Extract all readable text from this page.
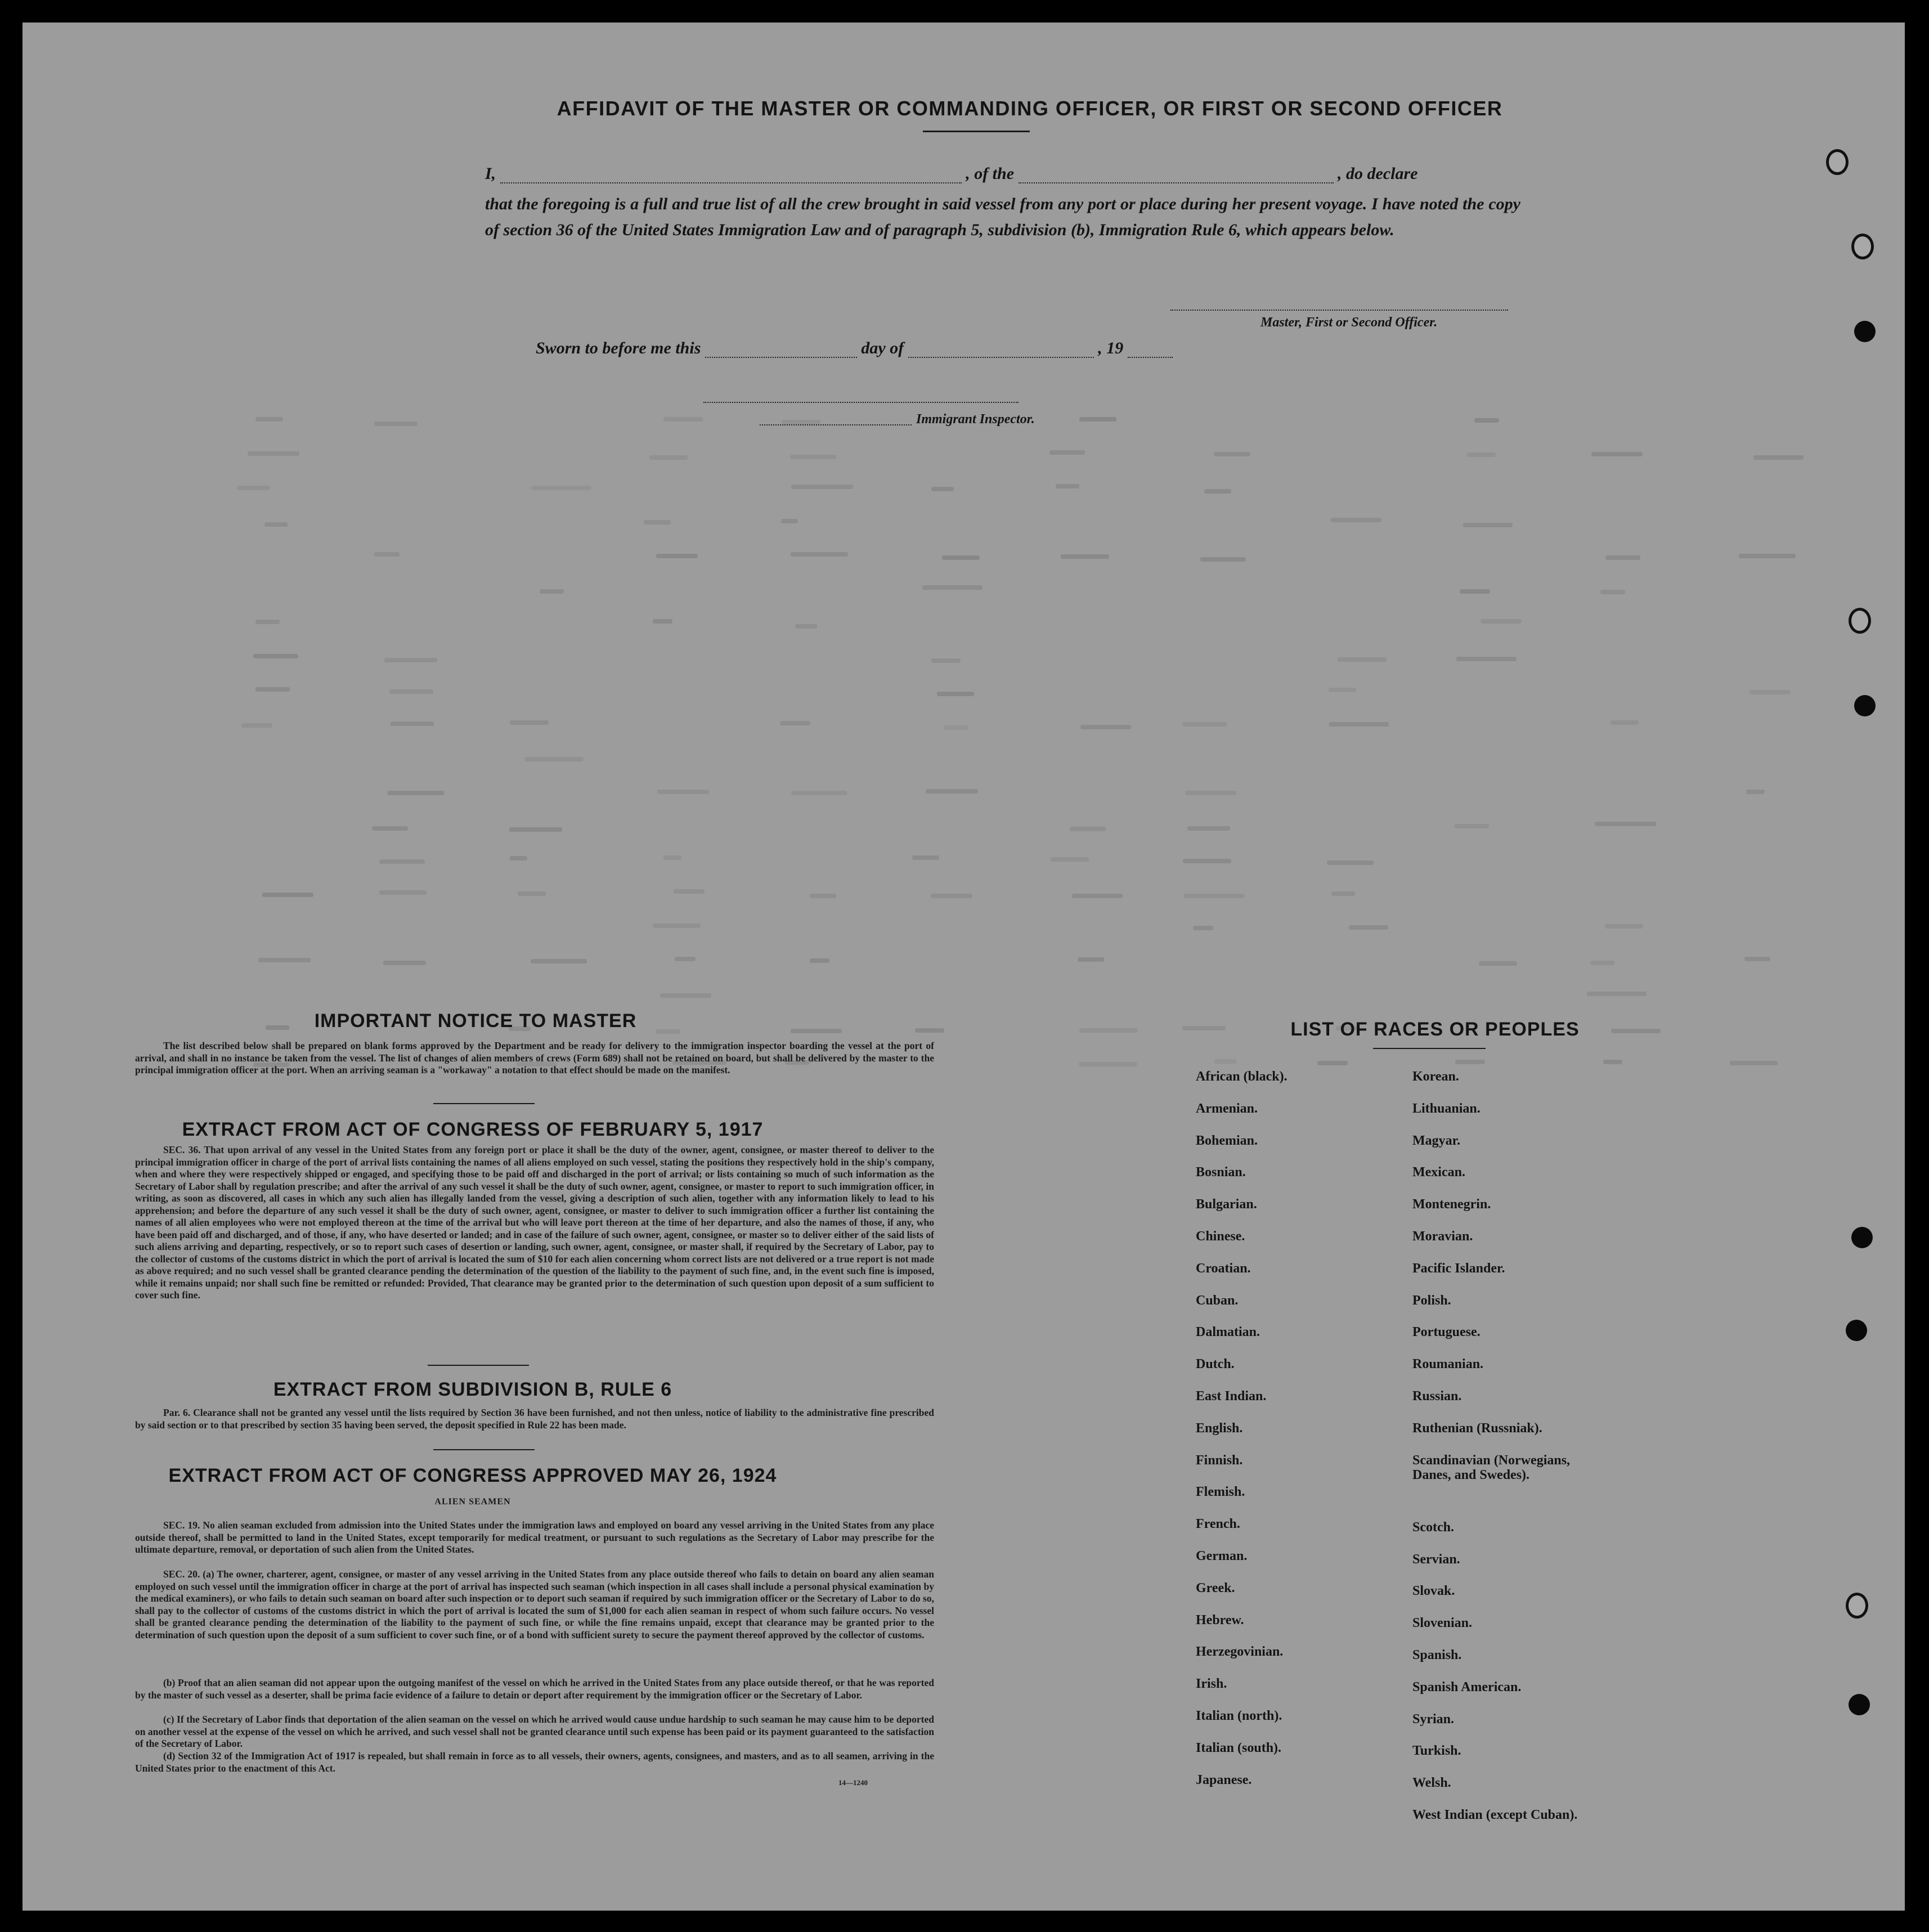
AFFIDAVIT OF THE MASTER OR COMMANDING OFFICER, OR FIRST OR SECOND OFFICER
I,	, of the	, do declare
that the foregoing is a full and true list of all the crew brought in said vessel from any port or place during her present voyage. I have noted the copy of section 36 of the United States Immigration Law and of paragraph 5, subdivision (b), Immigration Rule 6, which appears below.
Master, First or Second Officer.
Sworn to before me this	day of	, 19
Immigrant Inspector.
IMPORTANT NOTICE TO MASTER
The list described below shall be prepared on blank forms approved by the Department and be ready for delivery to the immigration inspector boarding the vessel at the port of arrival, and shall in no instance be taken from the vessel. The list of changes of alien members of crews (Form 689) shall not be retained on board, but shall be delivered by the master to the principal immigration officer at the port. When an arriving seaman is a "workaway" a notation to that effect should be made on the manifest.
EXTRACT FROM ACT OF CONGRESS OF FEBRUARY 5, 1917
SEC. 36. That upon arrival of any vessel in the United States from any foreign port or place it shall be the duty of the owner, agent, consignee, or master thereof to deliver to the principal immigration officer in charge of the port of arrival lists containing the names of all aliens employed on such vessel, stating the positions they respectively hold in the ship's company, when and where they were respectively shipped or engaged, and specifying those to be paid off and discharged in the port of arrival; or lists containing so much of such information as the Secretary of Labor shall by regulation prescribe; and after the arrival of any such vessel it shall be the duty of such owner, agent, consignee, or master to report to such immigration officer, in writing, as soon as discovered, all cases in which any such alien has illegally landed from the vessel, giving a description of such alien, together with any information likely to lead to his apprehension; and before the departure of any such vessel it shall be the duty of such owner, agent, consignee, or master to deliver to such immigration officer a further list containing the names of all alien employees who were not employed thereon at the time of the arrival but who will leave port thereon at the time of her departure, and also the names of those, if any, who have been paid off and discharged, and of those, if any, who have deserted or landed; and in case of the failure of such owner, agent, consignee, or master so to deliver either of the said lists of such aliens arriving and departing, respectively, or so to report such cases of desertion or landing, such owner, agent, consignee, or master shall, if required by the Secretary of Labor, pay to the collector of customs of the customs district in which the port of arrival is located the sum of $10 for each alien concerning whom correct lists are not delivered or a true report is not made as above required; and no such vessel shall be granted clearance pending the determination of the question of the liability to the payment of such fine, and, in the event such fine is imposed, while it remains unpaid; nor shall such fine be remitted or refunded: Provided, That clearance may be granted prior to the determination of such question upon deposit of a sum sufficient to cover such fine.
EXTRACT FROM SUBDIVISION B, RULE 6
Par. 6. Clearance shall not be granted any vessel until the lists required by Section 36 have been furnished, and not then unless, notice of liability to the administrative fine prescribed by said section or to that prescribed by section 35 having been served, the deposit specified in Rule 22 has been made.
EXTRACT FROM ACT OF CONGRESS APPROVED MAY 26, 1924
ALIEN SEAMEN
SEC. 19. No alien seaman excluded from admission into the United States under the immigration laws and employed on board any vessel arriving in the United States from any place outside thereof, shall be permitted to land in the United States, except temporarily for medical treatment, or pursuant to such regulations as the Secretary of Labor may prescribe for the ultimate departure, removal, or deportation of such alien from the United States.
SEC. 20. (a) The owner, charterer, agent, consignee, or master of any vessel arriving in the United States from any place outside thereof who fails to detain on board any alien seaman employed on such vessel until the immigration officer in charge at the port of arrival has inspected such seaman (which inspection in all cases shall include a personal physical examination by the medical examiners), or who fails to detain such seaman on board after such inspection or to deport such seaman if required by such immigration officer or the Secretary of Labor to do so, shall pay to the collector of customs of the customs district in which the port of arrival is located the sum of $1,000 for each alien seaman in respect of whom such failure occurs. No vessel shall be granted clearance pending the determination of the liability to the payment of such fine, or while the fine remains unpaid, except that clearance may be granted prior to the determination of such question upon the deposit of a sum sufficient to cover such fine, or of a bond with sufficient surety to secure the payment thereof approved by the collector of customs.
(b) Proof that an alien seaman did not appear upon the outgoing manifest of the vessel on which he arrived in the United States from any place outside thereof, or that he was reported by the master of such vessel as a deserter, shall be prima facie evidence of a failure to detain or deport after requirement by the immigration officer or the Secretary of Labor.
(c) If the Secretary of Labor finds that deportation of the alien seaman on the vessel on which he arrived would cause undue hardship to such seaman he may cause him to be deported on another vessel at the expense of the vessel on which he arrived, and such vessel shall not be granted clearance until such expense has been paid or its payment guaranteed to the satisfaction of the Secretary of Labor.
(d) Section 32 of the Immigration Act of 1917 is repealed, but shall remain in force as to all vessels, their owners, agents, consignees, and masters, and as to all seamen, arriving in the United States prior to the enactment of this Act.
14—1240
LIST OF RACES OR PEOPLES
African (black).
Armenian.
Bohemian.
Bosnian.
Bulgarian.
Chinese.
Croatian.
Cuban.
Dalmatian.
Dutch.
East Indian.
English.
Finnish.
Flemish.
French.
German.
Greek.
Hebrew.
Herzegovinian.
Irish.
Italian (north).
Italian (south).
Japanese.
Korean.
Lithuanian.
Magyar.
Mexican.
Montenegrin.
Moravian.
Pacific Islander.
Polish.
Portuguese.
Roumanian.
Russian.
Ruthenian (Russniak).
Scandinavian (Norwegians, Danes, and Swedes).
Scotch.
Servian.
Slovak.
Slovenian.
Spanish.
Spanish American.
Syrian.
Turkish.
Welsh.
West Indian (except Cuban).
